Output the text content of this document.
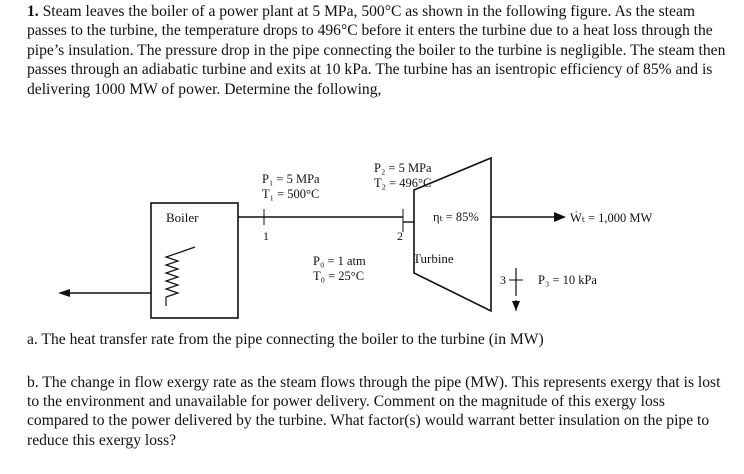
1. Steam leaves the boiler of a power plant at 5 MPa, 500°C as shown in the following figure. As the steam passes to the turbine, the temperature drops to 496°C before it enters the turbine due to a heat loss through the pipe’s insulation. The pressure drop in the pipe connecting the boiler to the turbine is negligible. The steam then passes through an adiabatic turbine and exits at 10 kPa. The turbine has an isentropic efficiency of 85% and is delivering 1000 MW of power. Determine the following,
Boiler
1	2
P₁ = 5 MPa
T₁ = 500°C
P₂ = 5 MPa
T₂ = 496°C
ηₜ = 85%
Turbine
Ẇₜ = 1,000 MW
P₀ = 1 atm
T₀ = 25°C	3	P₃ = 10 kPa
a. The heat transfer rate from the pipe connecting the boiler to the turbine (in MW)
b. The change in flow exergy rate as the steam flows through the pipe (MW). This represents exergy that is lost to the environment and unavailable for power delivery. Comment on the magnitude of this exergy loss compared to the power delivered by the turbine. What factor(s) would warrant better insulation on the pipe to reduce this exergy loss?
